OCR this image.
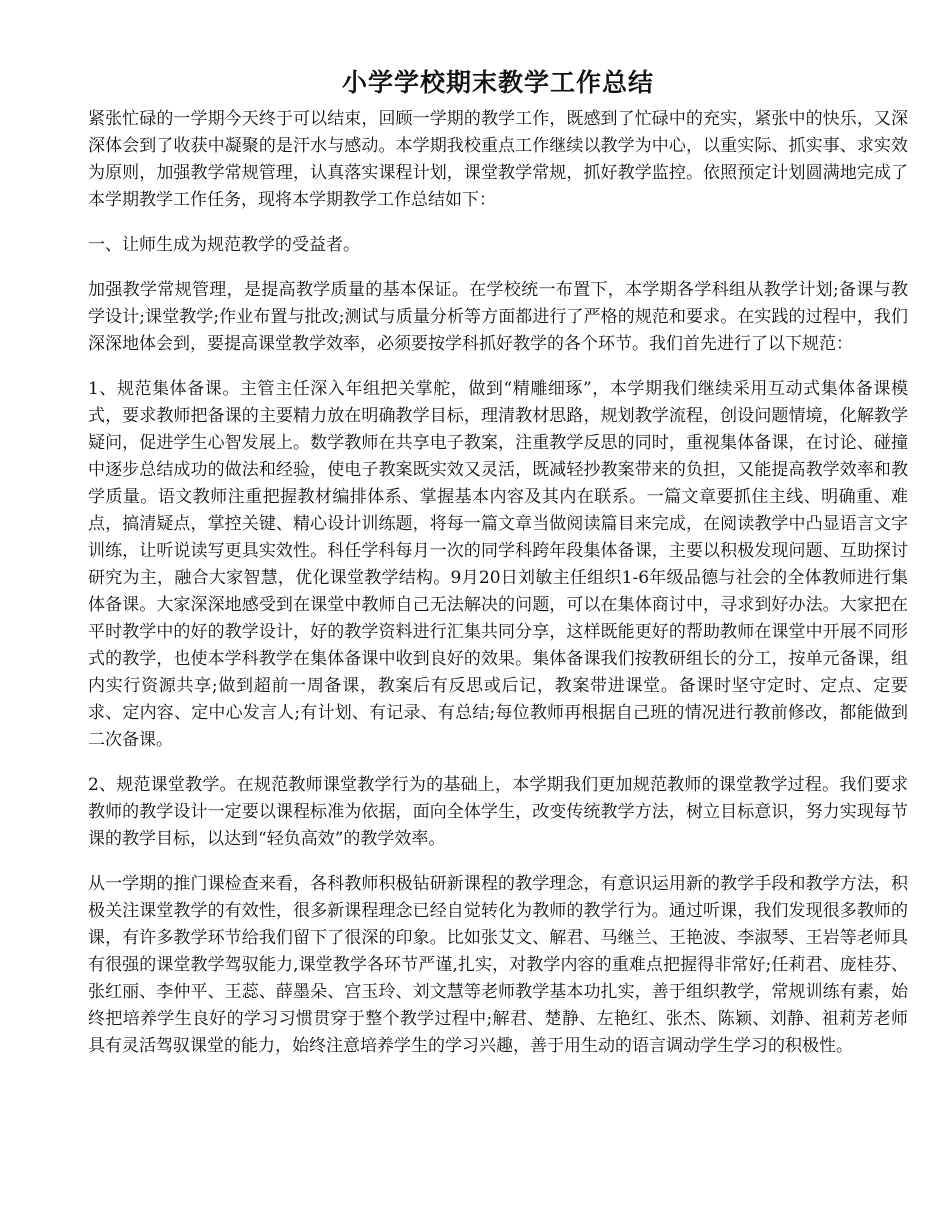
小学学校期末教学工作总结

紧张忙碌的一学期今天终于可以结束，回顾一学期的教学工作，既感到了忙碌中的充实，紧张中的快乐，又深深体会到了收获中凝聚的是汗水与感动。本学期我校重点工作继续以教学为中心，以重实际、抓实事、求实效为原则，加强教学常规管理，认真落实课程计划，课堂教学常规，抓好教学监控。依照预定计划圆满地完成了本学期教学工作任务，现将本学期教学工作总结如下：

一、让师生成为规范教学的受益者。

加强教学常规管理，是提高教学质量的基本保证。在学校统一布置下，本学期各学科组从教学计划;备课与教学设计;课堂教学;作业布置与批改;测试与质量分析等方面都进行了严格的规范和要求。在实践的过程中，我们深深地体会到，要提高课堂教学效率，必须要按学科抓好教学的各个环节。我们首先进行了以下规范：

1、规范集体备课。主管主任深入年组把关掌舵，做到“精雕细琢”，本学期我们继续采用互动式集体备课模式，要求教师把备课的主要精力放在明确教学目标，理清教材思路，规划教学流程，创设问题情境，化解教学疑问，促进学生心智发展上。数学教师在共享电子教案，注重教学反思的同时，重视集体备课，在讨论、碰撞中逐步总结成功的做法和经验，使电子教案既实效又灵活，既减轻抄教案带来的负担，又能提高教学效率和教学质量。语文教师注重把握教材编排体系、掌握基本内容及其内在联系。一篇文章要抓住主线、明确重、难点，搞清疑点，掌控关键、精心设计训练题，将每一篇文章当做阅读篇目来完成，在阅读教学中凸显语言文字训练，让听说读写更具实效性。科任学科每月一次的同学科跨年段集体备课，主要以积极发现问题、互助探讨研究为主，融合大家智慧，优化课堂教学结构。9月20日刘敏主任组织1-6年级品德与社会的全体教师进行集体备课。大家深深地感受到在课堂中教师自己无法解决的问题，可以在集体商讨中，寻求到好办法。大家把在平时教学中的好的教学设计，好的教学资料进行汇集共同分享，这样既能更好的帮助教师在课堂中开展不同形式的教学，也使本学科教学在集体备课中收到良好的效果。集体备课我们按教研组长的分工，按单元备课，组内实行资源共享;做到超前一周备课，教案后有反思或后记，教案带进课堂。备课时坚守定时、定点、定要求、定内容、定中心发言人;有计划、有记录、有总结;每位教师再根据自己班的情况进行教前修改，都能做到二次备课。

2、规范课堂教学。在规范教师课堂教学行为的基础上，本学期我们更加规范教师的课堂教学过程。我们要求教师的教学设计一定要以课程标准为依据，面向全体学生，改变传统教学方法，树立目标意识，努力实现每节课的教学目标，以达到“轻负高效”的教学效率。

从一学期的推门课检查来看，各科教师积极钻研新课程的教学理念，有意识运用新的教学手段和教学方法，积极关注课堂教学的有效性，很多新课程理念已经自觉转化为教师的教学行为。通过听课，我们发现很多教师的课，有许多教学环节给我们留下了很深的印象。比如张艾文、解君、马继兰、王艳波、李淑琴、王岩等老师具有很强的课堂教学驾驭能力,课堂教学各环节严谨,扎实，对教学内容的重难点把握得非常好;任莉君、庞桂芬、张红丽、李仲平、王蕊、薛墨朵、宫玉玲、刘文慧等老师教学基本功扎实，善于组织教学，常规训练有素，始终把培养学生良好的学习习惯贯穿于整个教学过程中;解君、楚静、左艳红、张杰、陈颖、刘静、祖莉芳老师具有灵活驾驭课堂的能力，始终注意培养学生的学习兴趣，善于用生动的语言调动学生学习的积极性。
